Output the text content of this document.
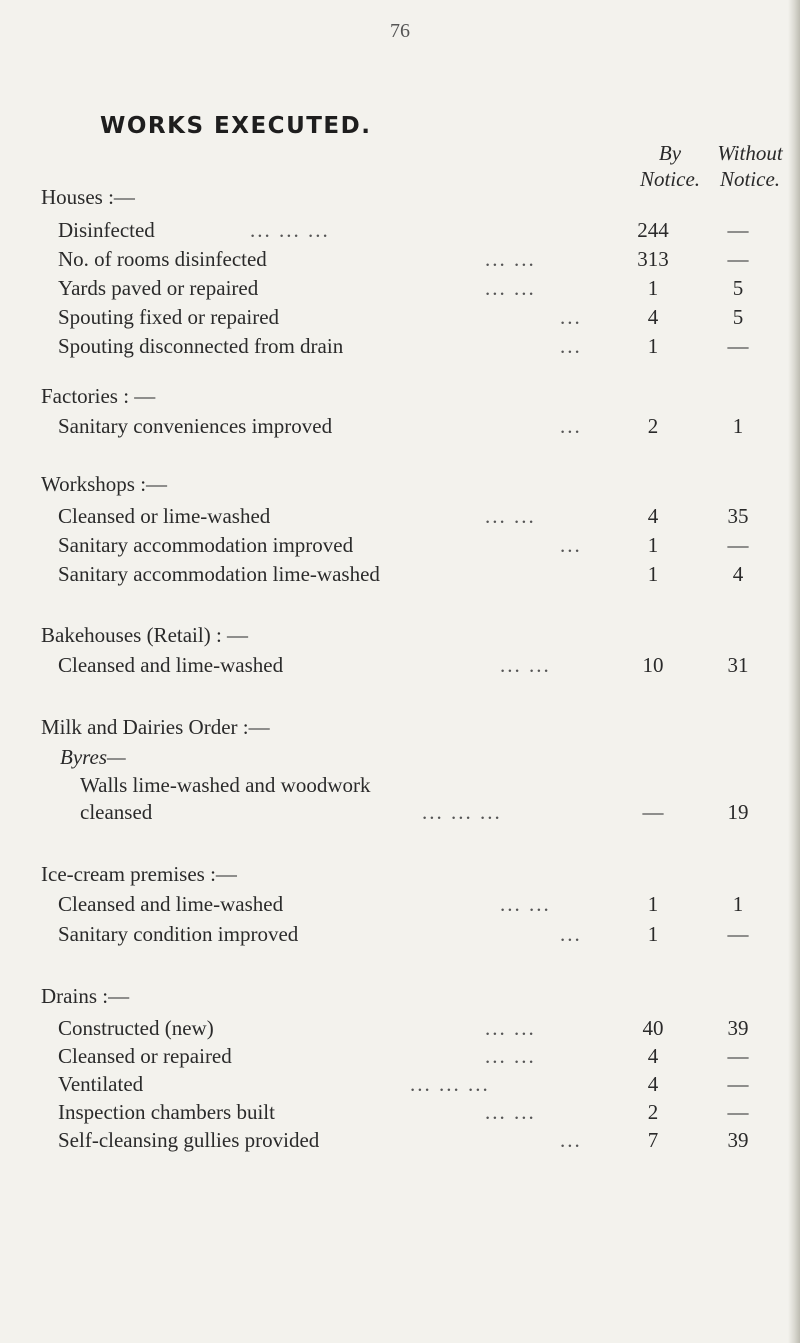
76
WORKS EXECUTED.
By
Notice.
Without
Notice.
Houses :—
Disinfected	... ... ...	244	—
No. of rooms disinfected	... ...	313	—
Yards paved or repaired	... ...	1	5
Spouting fixed or repaired	...	4	5
Spouting disconnected from drain	...	1	—
Factories : —
Sanitary conveniences improved	...	2	1
Workshops :—
Cleansed or lime-washed	... ...	4	35
Sanitary accommodation improved	...	1	—
Sanitary accommodation lime-washed	1	4
Bakehouses (Retail) : —
Cleansed and lime-washed	... ...	10	31
Milk and Dairies Order :—
Byres—
Walls lime-washed and woodwork
cleansed	... ... ...	—	19
Ice-cream premises :—
Cleansed and lime-washed	... ...	1	1
Sanitary condition improved	...	1	—
Drains :—
Constructed (new)	... ...	40	39
Cleansed or repaired	... ...	4	—
Ventilated	... ... ...	4	—
Inspection chambers built	... ...	2	—
Self-cleansing gullies provided	...	7	39
